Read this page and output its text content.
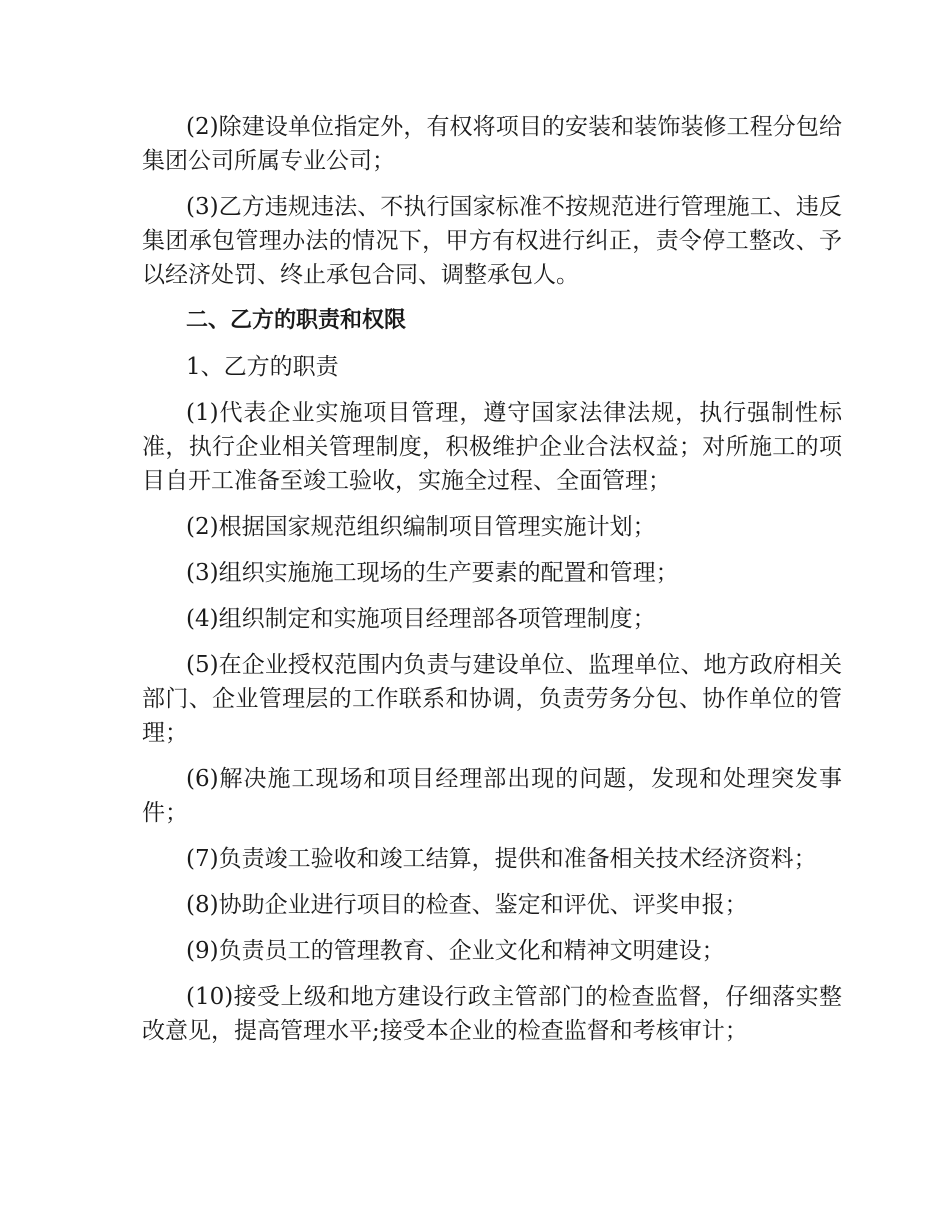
(2)除建设单位指定外，有权将项目的安装和装饰装修工程分包给集团公司所属专业公司；

(3)乙方违规违法、不执行国家标准不按规范进行管理施工、违反集团承包管理办法的情况下，甲方有权进行纠正，责令停工整改、予以经济处罚、终止承包合同、调整承包人。

二、乙方的职责和权限

1、乙方的职责

(1)代表企业实施项目管理，遵守国家法律法规，执行强制性标准，执行企业相关管理制度，积极维护企业合法权益；对所施工的项目自开工准备至竣工验收，实施全过程、全面管理；

(2)根据国家规范组织编制项目管理实施计划；

(3)组织实施施工现场的生产要素的配置和管理；

(4)组织制定和实施项目经理部各项管理制度；

(5)在企业授权范围内负责与建设单位、监理单位、地方政府相关部门、企业管理层的工作联系和协调，负责劳务分包、协作单位的管理；

(6)解决施工现场和项目经理部出现的问题，发现和处理突发事件；

(7)负责竣工验收和竣工结算，提供和准备相关技术经济资料；

(8)协助企业进行项目的检查、鉴定和评优、评奖申报；

(9)负责员工的管理教育、企业文化和精神文明建设；

(10)接受上级和地方建设行政主管部门的检查监督，仔细落实整改意见，提高管理水平;接受本企业的检查监督和考核审计；
